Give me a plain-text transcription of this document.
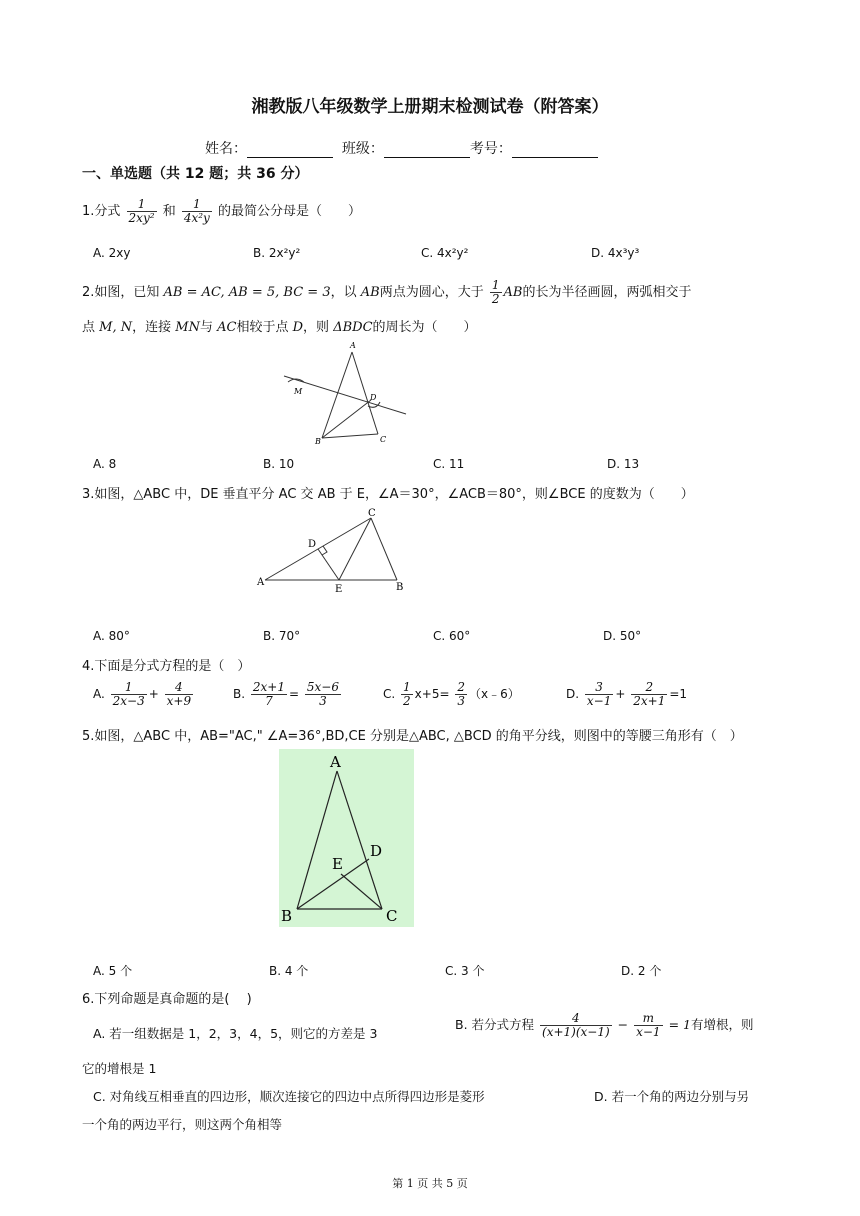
湘教版八年级数学上册期末检测试卷（附答案）
姓名：	班级：	考号：
一、单选题（共 12 题；共 36 分）
1.分式 $\frac{1}{\text{2xy²}}$ 和 $\frac{1}{\text{4x²y}}$ 的最简公分母是（　　）
A. 2xy	B. 2x²y²	C. 4x²y²	D. 4x³y³
2.如图，已知 AB = AC, AB = 5, BC = 3，以 AB两点为圆心，大于 $\frac{1}{2}$ AB的长为半径画圆，两弧相交于
点 M, N，连接 MN与 AC相较于点 D，则 ΔBDC的周长为（　　）
A
B	C
D
M
A. 8	B. 10	C. 11	D. 13
3.如图，△ABC 中，DE 垂直平分 AC 交 AB 于 E，∠A＝30°，∠ACB＝80°，则∠BCE 的度数为（　　）
A	B
C
D
E
A. 80°	B. 70°	C. 60°	D. 50°
4.下面是分式方程的是（　）
A. $\frac{1}{2x-3} + \frac{4}{x+9}$	B. $\frac{2x+1}{7} = \frac{5x-6}{3}$	C. $\frac{1}{2} x+5= \frac{2}{3}$ （x﹣6）	D. $\frac{3}{x-1} + \frac{2}{2x+1} =1$
5.如图，△ABC 中，AB="AC," ∠A=36°,BD,CE 分别是△ABC, △BCD 的角平分线，则图中的等腰三角形有（　）
A
B	C
D
E
A. 5 个	B. 4 个	C. 3 个	D. 2 个
6.下列命题是真命题的是(　 )
A. 若一组数据是 1，2，3，4，5，则它的方差是 3
B. 若分式方程 $\frac{4}{(x+1)(x-1)} - \frac{m}{x-1} = 1$有增根，则
它的增根是 1
C. 对角线互相垂直的四边形，顺次连接它的四边中点所得四边形是菱形	D. 若一个角的两边分别与另
一个角的两边平行，则这两个角相等
第 1 页 共 5 页
